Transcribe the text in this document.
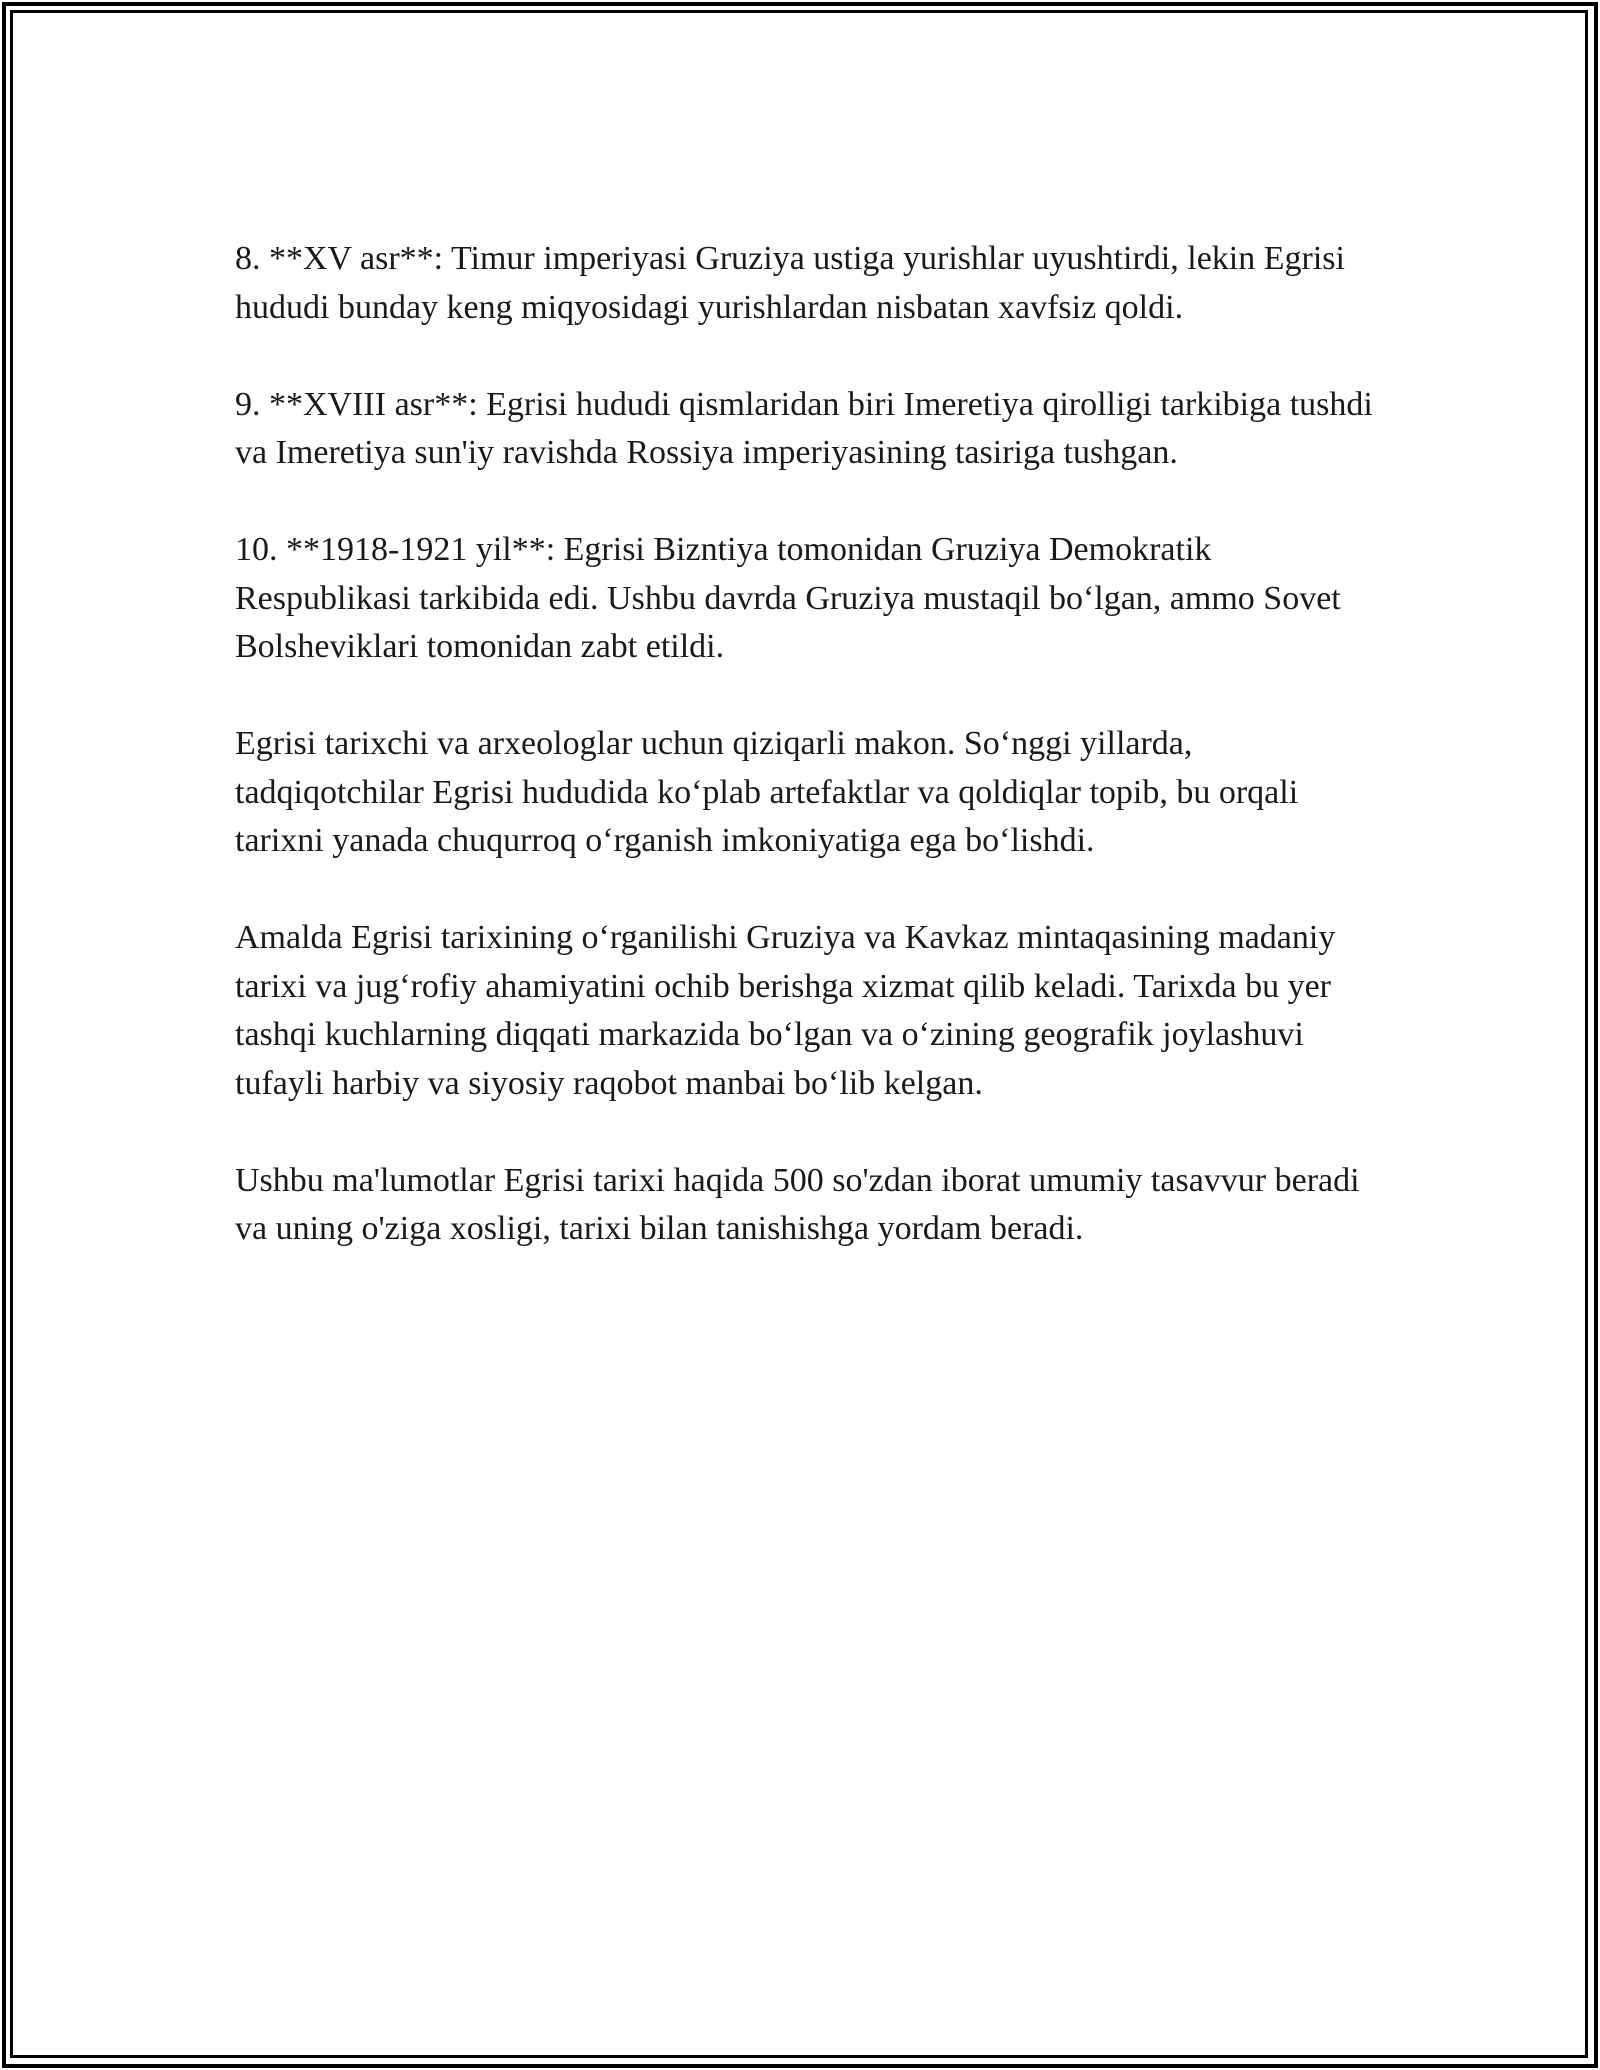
8. **XV asr**: Timur imperiyasi Gruziya ustiga yurishlar uyushtirdi, lekin Egrisi hududi bunday keng miqyosidagi yurishlardan nisbatan xavfsiz qoldi.

9. **XVIII asr**: Egrisi hududi qismlaridan biri Imeretiya qirolligi tarkibiga tushdi va Imeretiya sun'iy ravishda Rossiya imperiyasining tasiriga tushgan.

10. **1918-1921 yil**: Egrisi Bizntiya tomonidan Gruziya Demokratik Respublikasi tarkibida edi. Ushbu davrda Gruziya mustaqil bo‘lgan, ammo Sovet Bolsheviklari tomonidan zabt etildi.

Egrisi tarixchi va arxeologlar uchun qiziqarli makon. So‘nggi yillarda, tadqiqotchilar Egrisi hududida ko‘plab artefaktlar va qoldiqlar topib, bu orqali tarixni yanada chuqurroq o‘rganish imkoniyatiga ega bo‘lishdi.

Amalda Egrisi tarixining o‘rganilishi Gruziya va Kavkaz mintaqasining madaniy tarixi va jug‘rofiy ahamiyatini ochib berishga xizmat qilib keladi. Tarixda bu yer tashqi kuchlarning diqqati markazida bo‘lgan va o‘zining geografik joylashuvi tufayli harbiy va siyosiy raqobot manbai bo‘lib kelgan.

Ushbu ma'lumotlar Egrisi tarixi haqida 500 so'zdan iborat umumiy tasavvur beradi va uning o'ziga xosligi, tarixi bilan tanishishga yordam beradi.
